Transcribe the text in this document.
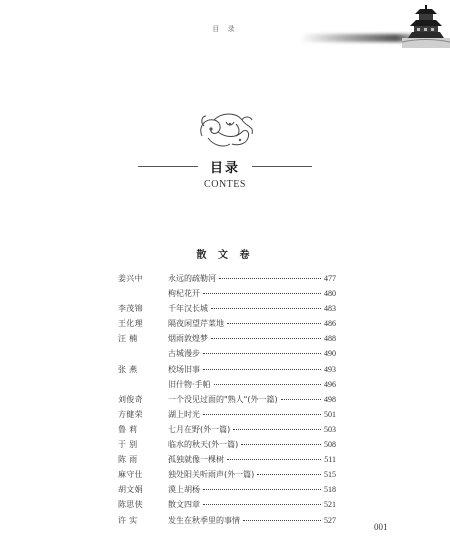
目 录
目录
CONTES
散 文 卷
姜兴中	永远的疏勒河	477
枸杞花开	480
李茂锦	千年汉长城	483
王化理	隔夜闲望芹菜地	486
汪 楠	烟雨敦煌梦	488
古城漫步	490
张 燕	校场旧事	493
旧什物·手帕	496
刘俊奇	一个没见过面的"熟人"(外一篇)	498
方健荣	湖上时光	501
鲁 莉	七月在野(外一篇)	503
于 别	临水的秋天(外一篇)	508
陈 雨	孤独就像一棵树	511
麻守仕	独处阳关听雨声(外一篇)	515
胡文娟	漠上胡杨	518
陈思侠	散文四章	521
许 实	发生在秋季里的事情	527
001
